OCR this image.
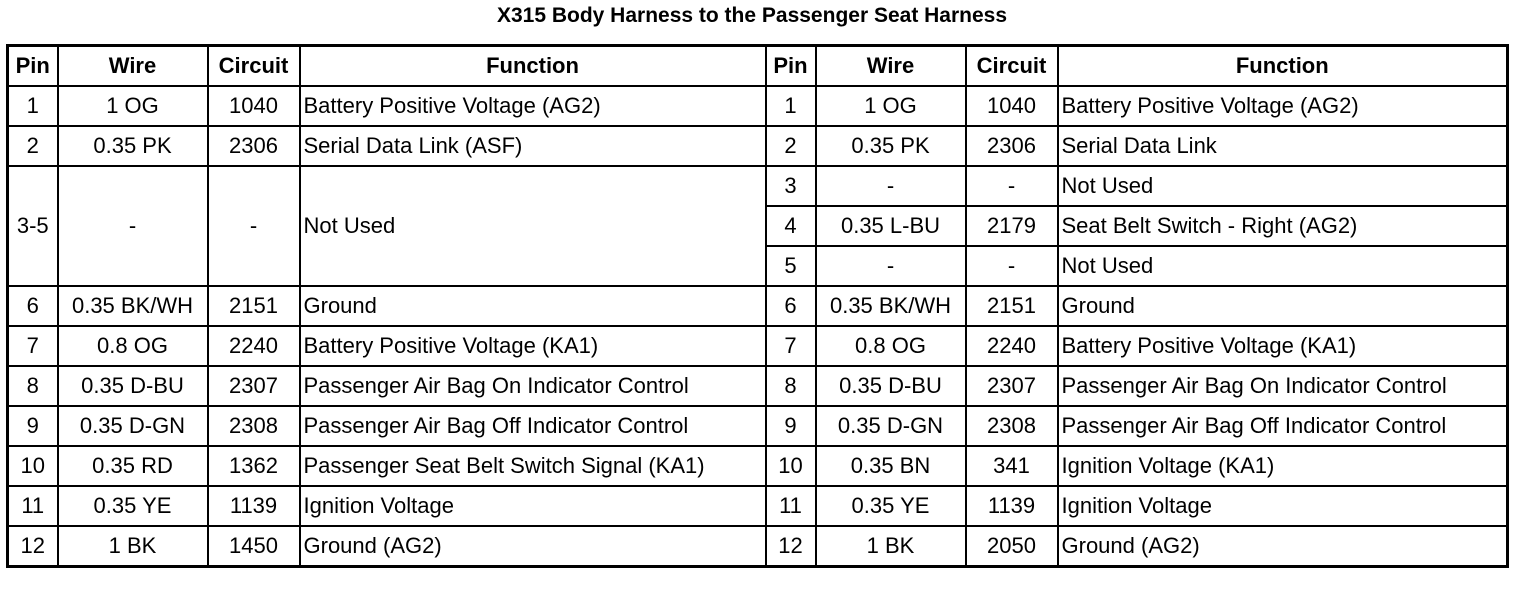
X315 Body Harness to the Passenger Seat Harness
Pin	Wire	Circuit	Function	Pin	Wire	Circuit	Function
1	1 OG	1040	Battery Positive Voltage (AG2)	1	1 OG	1040	Battery Positive Voltage (AG2)
2	0.35 PK	2306	Serial Data Link (ASF)	2	0.35 PK	2306	Serial Data Link
3-5	-	-	Not Used	3	-	-	Not Used
				4	0.35 L-BU	2179	Seat Belt Switch - Right (AG2)
				5	-	-	Not Used
6	0.35 BK/WH	2151	Ground	6	0.35 BK/WH	2151	Ground
7	0.8 OG	2240	Battery Positive Voltage (KA1)	7	0.8 OG	2240	Battery Positive Voltage (KA1)
8	0.35 D-BU	2307	Passenger Air Bag On Indicator Control	8	0.35 D-BU	2307	Passenger Air Bag On Indicator Control
9	0.35 D-GN	2308	Passenger Air Bag Off Indicator Control	9	0.35 D-GN	2308	Passenger Air Bag Off Indicator Control
10	0.35 RD	1362	Passenger Seat Belt Switch Signal (KA1)	10	0.35 BN	341	Ignition Voltage (KA1)
11	0.35 YE	1139	Ignition Voltage	11	0.35 YE	1139	Ignition Voltage
12	1 BK	1450	Ground (AG2)	12	1 BK	2050	Ground (AG2)
